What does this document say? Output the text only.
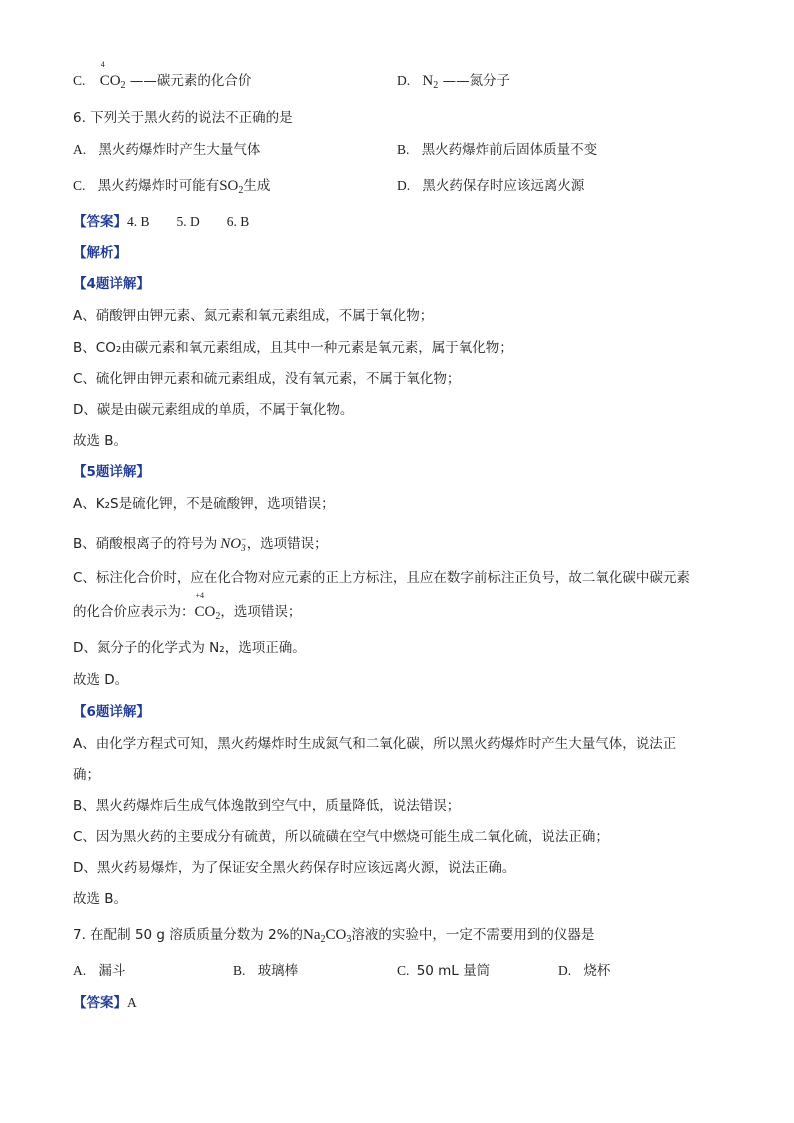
C.
4
$CO_2$ ——碳元素的化合价	D. $N_2$ ——氮分子
6. 下列关于黑火药的说法不正确的是
A. 黑火药爆炸时产生大量气体	B. 黑火药爆炸前后固体质量不变
C. 黑火药爆炸时可能有$SO_2$生成	D. 黑火药保存时应该远离火源
【答案】4. B　　5. D　　6. B
【解析】
【4题详解】
A、硝酸钾由钾元素、氮元素和氧元素组成，不属于氧化物；
B、CO₂由碳元素和氧元素组成，且其中一种元素是氧元素，属于氧化物；
C、硫化钾由钾元素和硫元素组成，没有氧元素，不属于氧化物；
D、碳是由碳元素组成的单质，不属于氧化物。
故选 B。
【5题详解】
A、K₂S是硫化钾，不是硫酸钾，选项错误；
B、硝酸根离子的符号为 $NO_3^-$，选项错误；
C、标注化合价时，应在化合物对应元素的正上方标注，且应在数字前标注正负号，故二氧化碳中碳元素
的化合价应表示为：
+4
$CO_2$，选项错误；
D、氮分子的化学式为 N₂，选项正确。
故选 D。
【6题详解】
A、由化学方程式可知，黑火药爆炸时生成氮气和二氧化碳，所以黑火药爆炸时产生大量气体，说法正
确；
B、黑火药爆炸后生成气体逸散到空气中，质量降低，说法错误；
C、因为黑火药的主要成分有硫黄，所以硫磺在空气中燃烧可能生成二氧化硫，说法正确；
D、黑火药易爆炸，为了保证安全黑火药保存时应该远离火源，说法正确。
故选 B。
7. 在配制 50 g 溶质质量分数为 2%的$Na_2CO_3$溶液的实验中，一定不需要用到的仪器是
A. 漏斗	B. 玻璃棒	C. 50 mL 量筒	D. 烧杯
【答案】A
